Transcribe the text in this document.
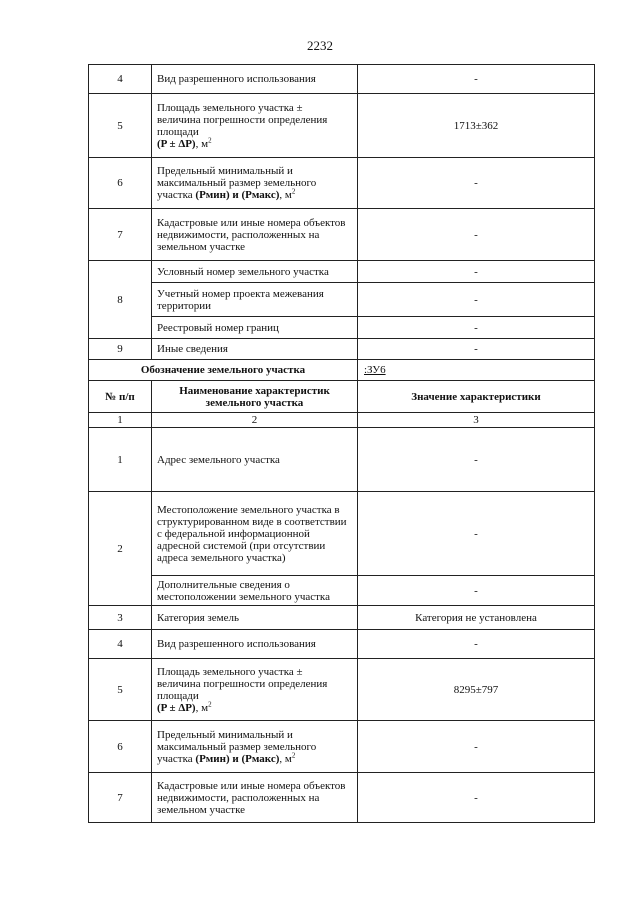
2232
4	Вид разрешенного использования	-
5	Площадь земельного участка ±
величина погрешности определения площади
(P ± ΔP), $м^2$	1713±362
6	Предельный минимальный и максимальный размер земельного участка (Рмин) и (Рмакс), $м^2$	-
7	Кадастровые или иные номера объектов недвижимости, расположенных на земельном участке	-
8	Условный номер земельного участка	-
	Учетный номер проекта межевания территории	-
	Реестровый номер границ	-
9	Иные сведения	-
Обозначение земельного участка		:ЗУ6
№ п/п	Наименование характеристик земельного участка	Значение характеристики
1	2	3
1	Адрес земельного участка	-
2	Местоположение земельного участка в структурированном виде в соответствии с федеральной информационной адресной системой (при отсутствии адреса земельного участка)	-
	Дополнительные сведения о местоположении земельного участка	-
3	Категория земель	Категория не установлена
4	Вид разрешенного использования	-
5	Площадь земельного участка ±
величина погрешности определения площади
(P ± ΔP), $м^2$	8295±797
6	Предельный минимальный и максимальный размер земельного участка (Рмин) и (Рмакс), $м^2$	-
7	Кадастровые или иные номера объектов недвижимости, расположенных на земельном участке	-
